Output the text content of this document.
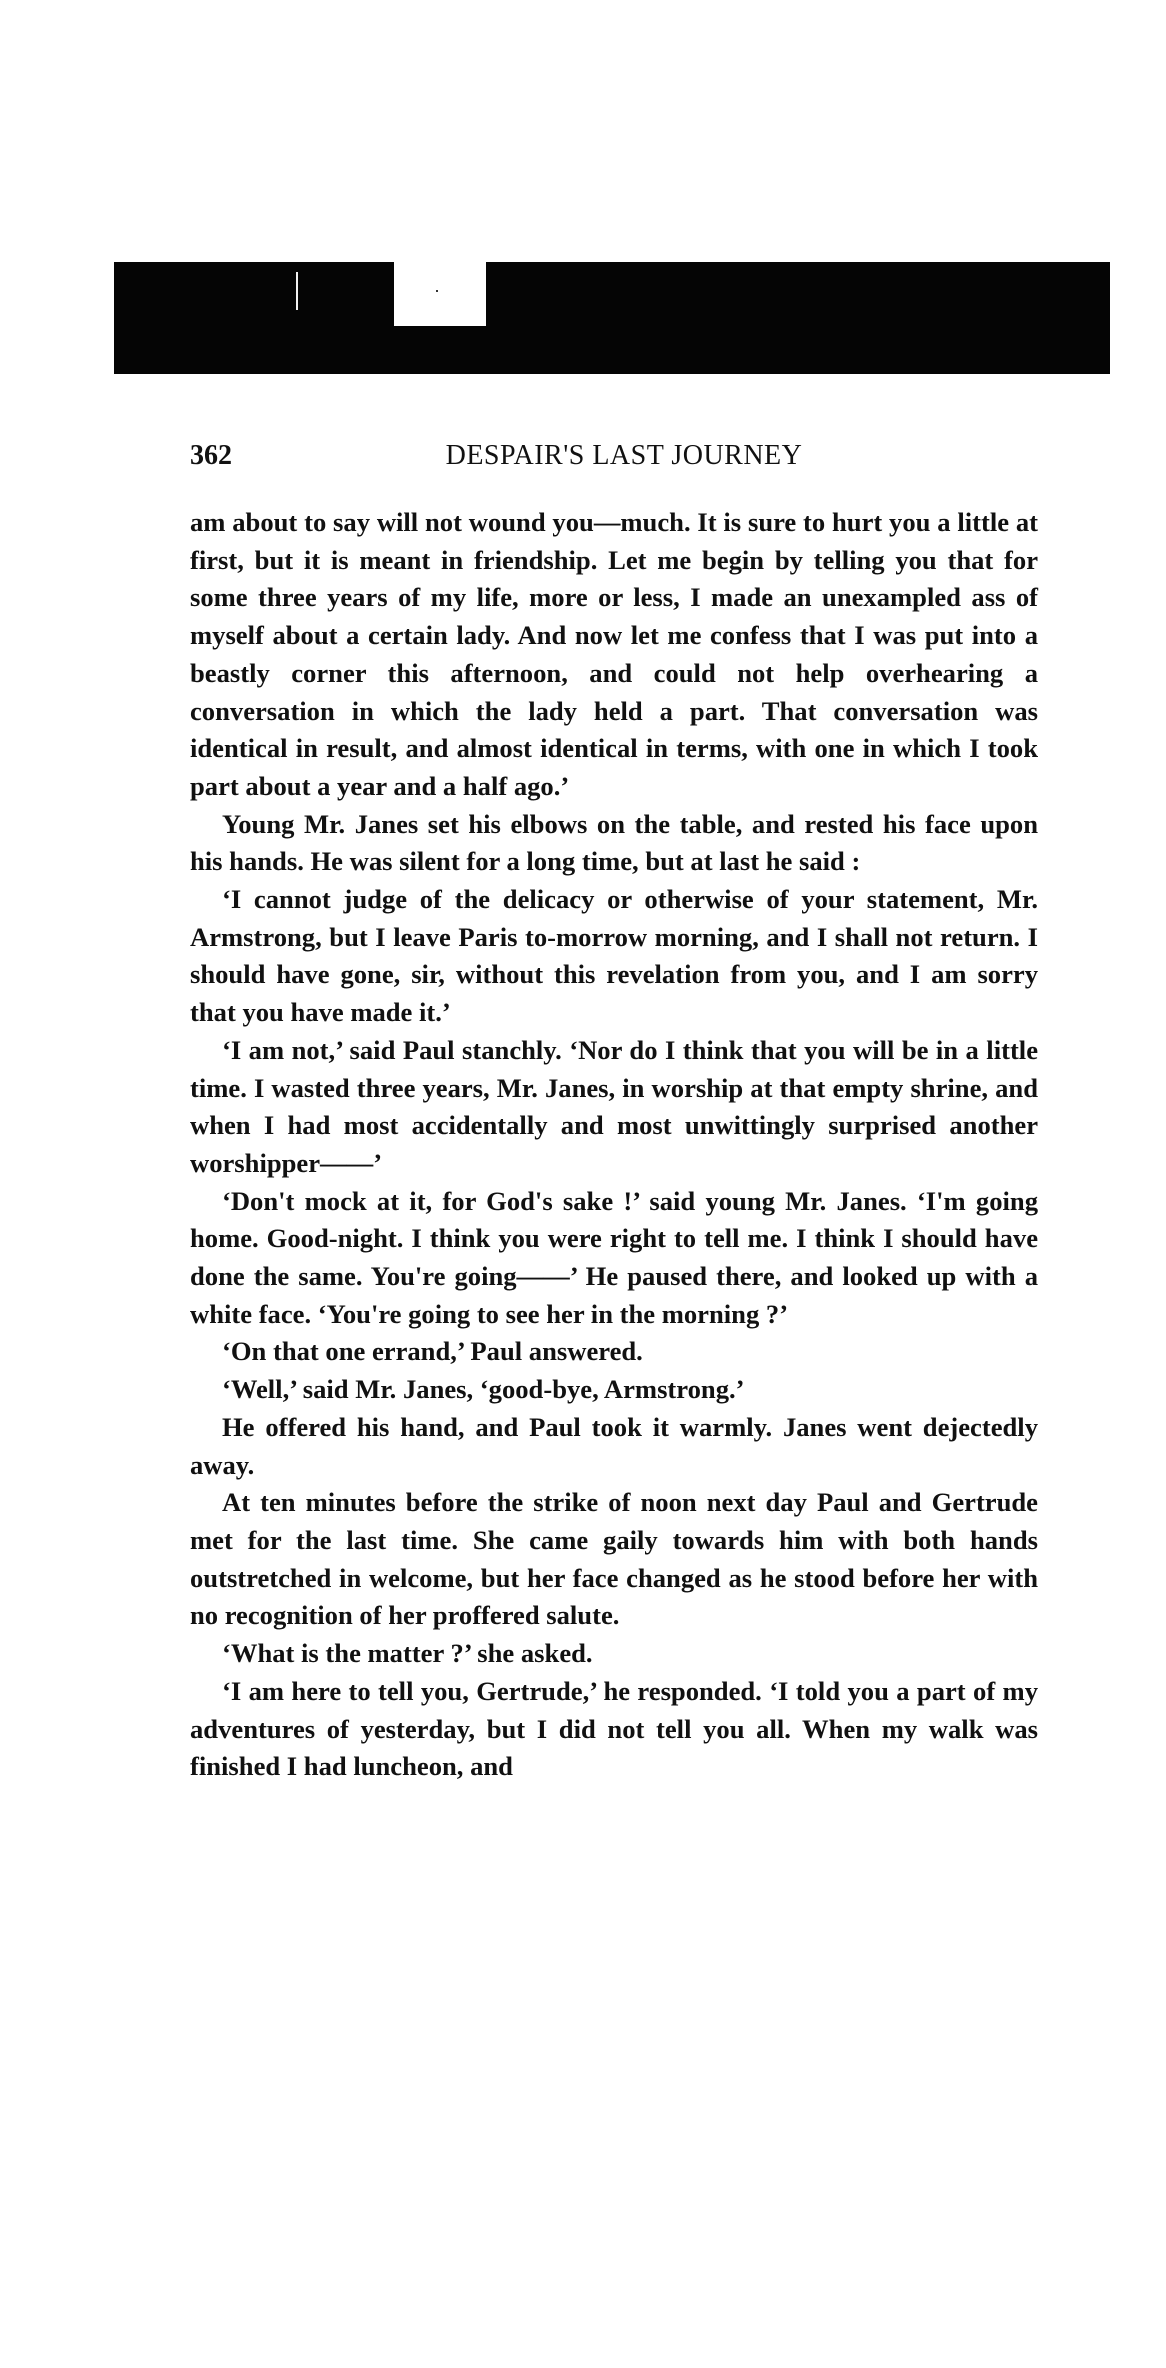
362	DESPAIR'S LAST JOURNEY

am about to say will not wound you—much. It is sure to hurt you a little at first, but it is meant in friendship. Let me begin by telling you that for some three years of my life, more or less, I made an unexampled ass of myself about a certain lady. And now let me confess that I was put into a beastly corner this afternoon, and could not help overhearing a conversation in which the lady held a part. That conversation was identical in result, and almost identical in terms, with one in which I took part about a year and a half ago.’

Young Mr. Janes set his elbows on the table, and rested his face upon his hands. He was silent for a long time, but at last he said :

‘I cannot judge of the delicacy or otherwise of your statement, Mr. Armstrong, but I leave Paris to-morrow morning, and I shall not return. I should have gone, sir, without this revelation from you, and I am sorry that you have made it.’

‘I am not,’ said Paul stanchly. ‘Nor do I think that you will be in a little time. I wasted three years, Mr. Janes, in worship at that empty shrine, and when I had most accidentally and most unwittingly surprised another worshipper——’

‘Don't mock at it, for God's sake !’ said young Mr. Janes. ‘I'm going home. Good-night. I think you were right to tell me. I think I should have done the same. You're going——’ He paused there, and looked up with a white face. ‘You're going to see her in the morning ?’

‘On that one errand,’ Paul answered.

‘Well,’ said Mr. Janes, ‘good-bye, Armstrong.’

He offered his hand, and Paul took it warmly. Janes went dejectedly away.

At ten minutes before the strike of noon next day Paul and Gertrude met for the last time. She came gaily towards him with both hands outstretched in welcome, but her face changed as he stood before her with no recognition of her proffered salute.

‘What is the matter ?’ she asked.

‘I am here to tell you, Gertrude,’ he responded. ‘I told you a part of my adventures of yesterday, but I did not tell you all. When my walk was finished I had luncheon, and
